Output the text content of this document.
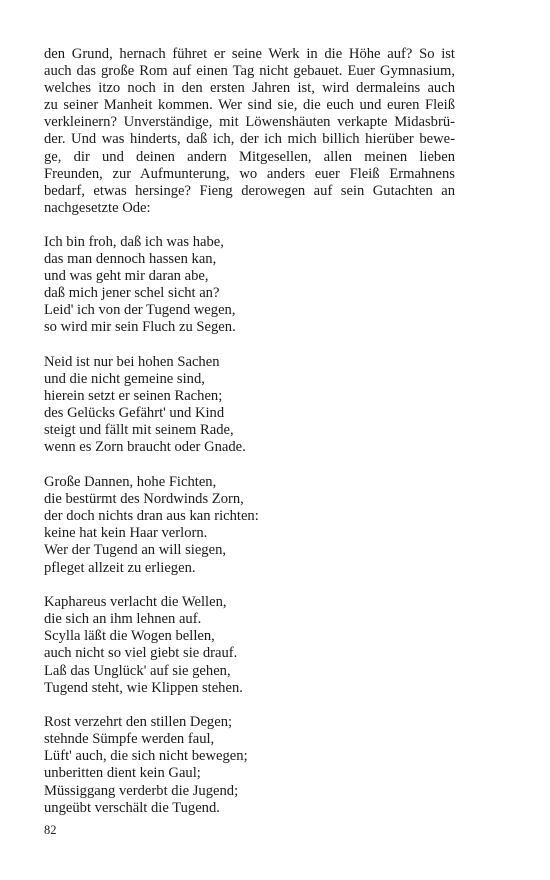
den Grund, hernach führet er seine Werk in die Höhe auf? So ist
auch das große Rom auf einen Tag nicht gebauet. Euer Gymnasium,
welches itzo noch in den ersten Jahren ist, wird dermaleins auch
zu seiner Manheit kommen. Wer sind sie, die euch und euren Fleiß
verkleinern? Unverständige, mit Löwenshäuten verkapte Midasbrü-
der. Und was hinderts, daß ich, der ich mich billich hierüber bewe-
ge, dir und deinen andern Mitgesellen, allen meinen lieben
Freunden, zur Aufmunterung, wo anders euer Fleiß Ermahnens
bedarf, etwas hersinge? Fieng derowegen auf sein Gutachten an
nachgesetzte Ode:
Ich bin froh, daß ich was habe,
das man dennoch hassen kan,
und was geht mir daran abe,
daß mich jener schel sicht an?
Leid' ich von der Tugend wegen,
so wird mir sein Fluch zu Segen.
Neid ist nur bei hohen Sachen
und die nicht gemeine sind,
hierein setzt er seinen Rachen;
des Gelücks Gefährt' und Kind
steigt und fällt mit seinem Rade,
wenn es Zorn braucht oder Gnade.
Große Dannen, hohe Fichten,
die bestürmt des Nordwinds Zorn,
der doch nichts dran aus kan richten:
keine hat kein Haar verlorn.
Wer der Tugend an will siegen,
pfleget allzeit zu erliegen.
Kaphareus verlacht die Wellen,
die sich an ihm lehnen auf.
Scylla läßt die Wogen bellen,
auch nicht so viel giebt sie drauf.
Laß das Unglück' auf sie gehen,
Tugend steht, wie Klippen stehen.
Rost verzehrt den stillen Degen;
stehnde Sümpfe werden faul,
Lüft' auch, die sich nicht bewegen;
unberitten dient kein Gaul;
Müssiggang verderbt die Jugend;
ungeübt verschält die Tugend.
82
